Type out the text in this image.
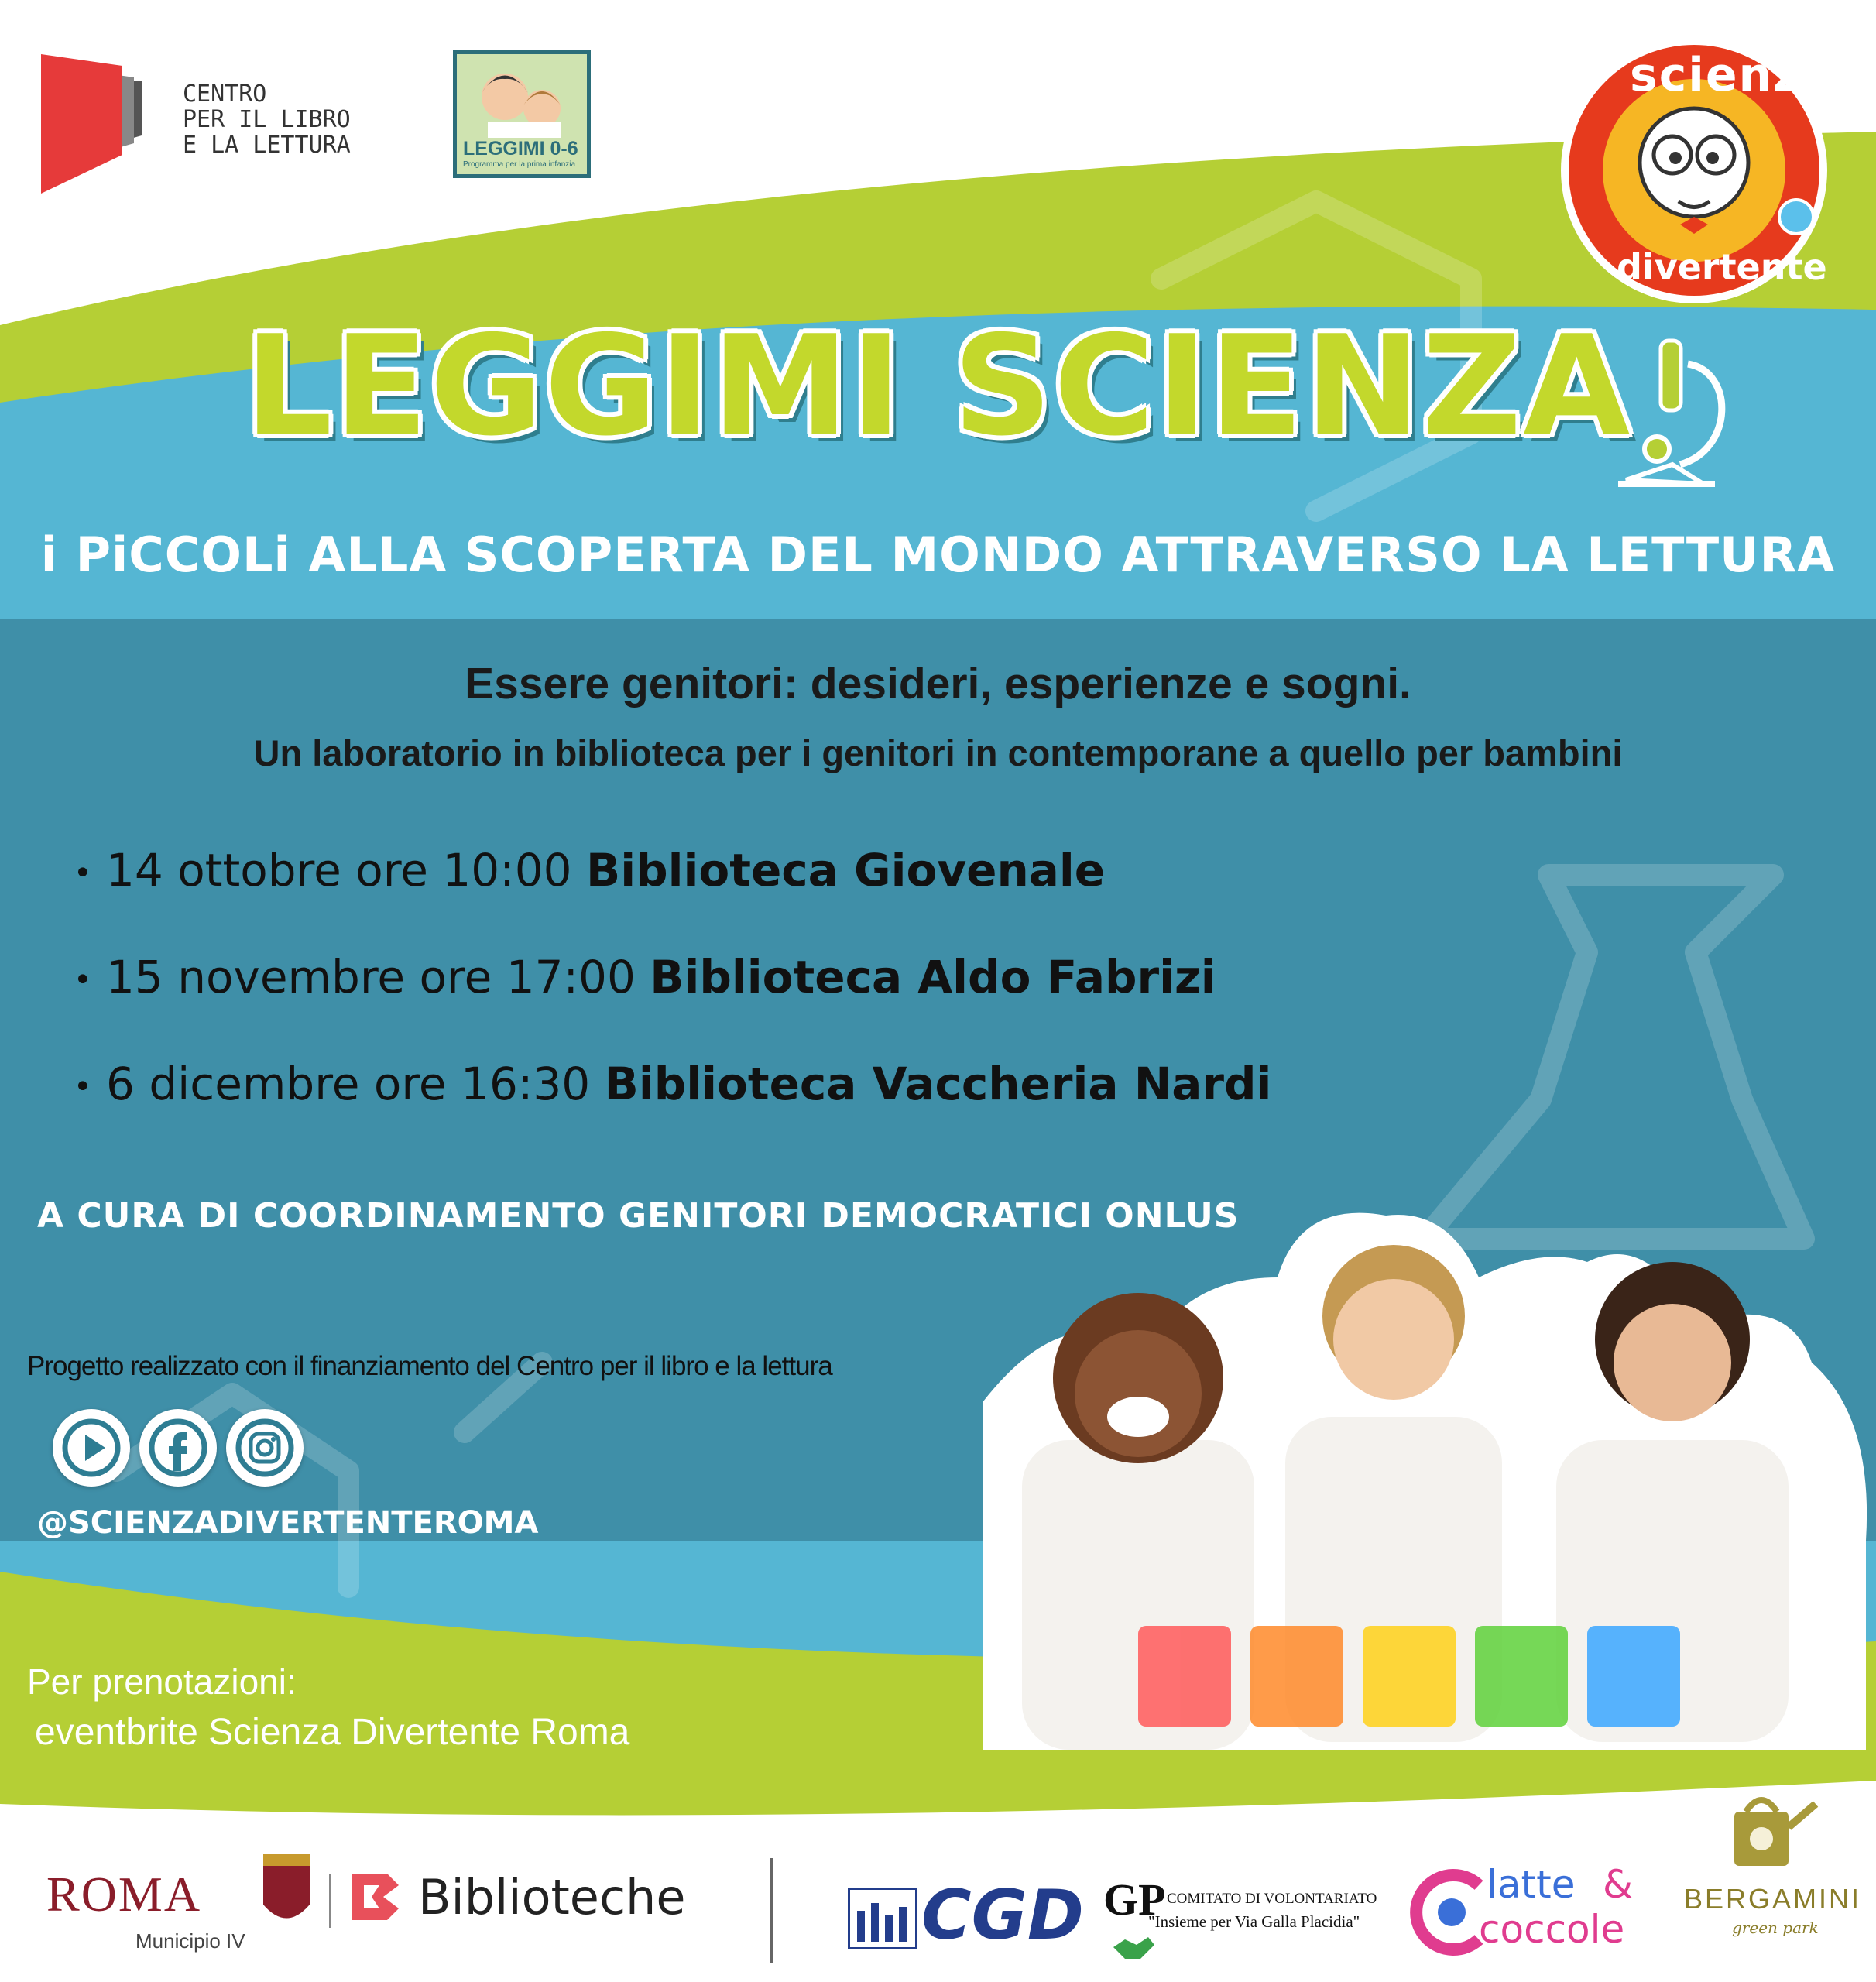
CENTRO
PER IL LIBRO
E LA LETTURA	LEGGIMI 0-6
Programma per la prima infanzia
scienza
divertente
LEGGIMI SCIENZA
i PiCCOLi ALLA SCOPERTA DEL MONDO ATTRAVERSO LA LETTURA
Essere genitori: desideri, esperienze e sogni.
Un laboratorio in biblioteca per i genitori in contemporane a quello per bambini
• 14 ottobre ore 10:00 Biblioteca Giovenale
• 15 novembre ore 17:00 Biblioteca Aldo Fabrizi
• 6 dicembre ore 16:30 Biblioteca Vaccheria Nardi
A CURA DI COORDINAMENTO GENITORI DEMOCRATICI ONLUS
Progetto realizzato con il finanziamento del Centro per il libro e la lettura
@SCIENZADIVERTENTEROMA
Per prenotazioni:
eventbrite Scienza Divertente Roma
ROMA
Municipio IV
Biblioteche	CGD GP COMITATO DI VOLONTARIATO
"Insieme per Via Galla Placidia"
latte &
coccole
BERGAMINI
green park
